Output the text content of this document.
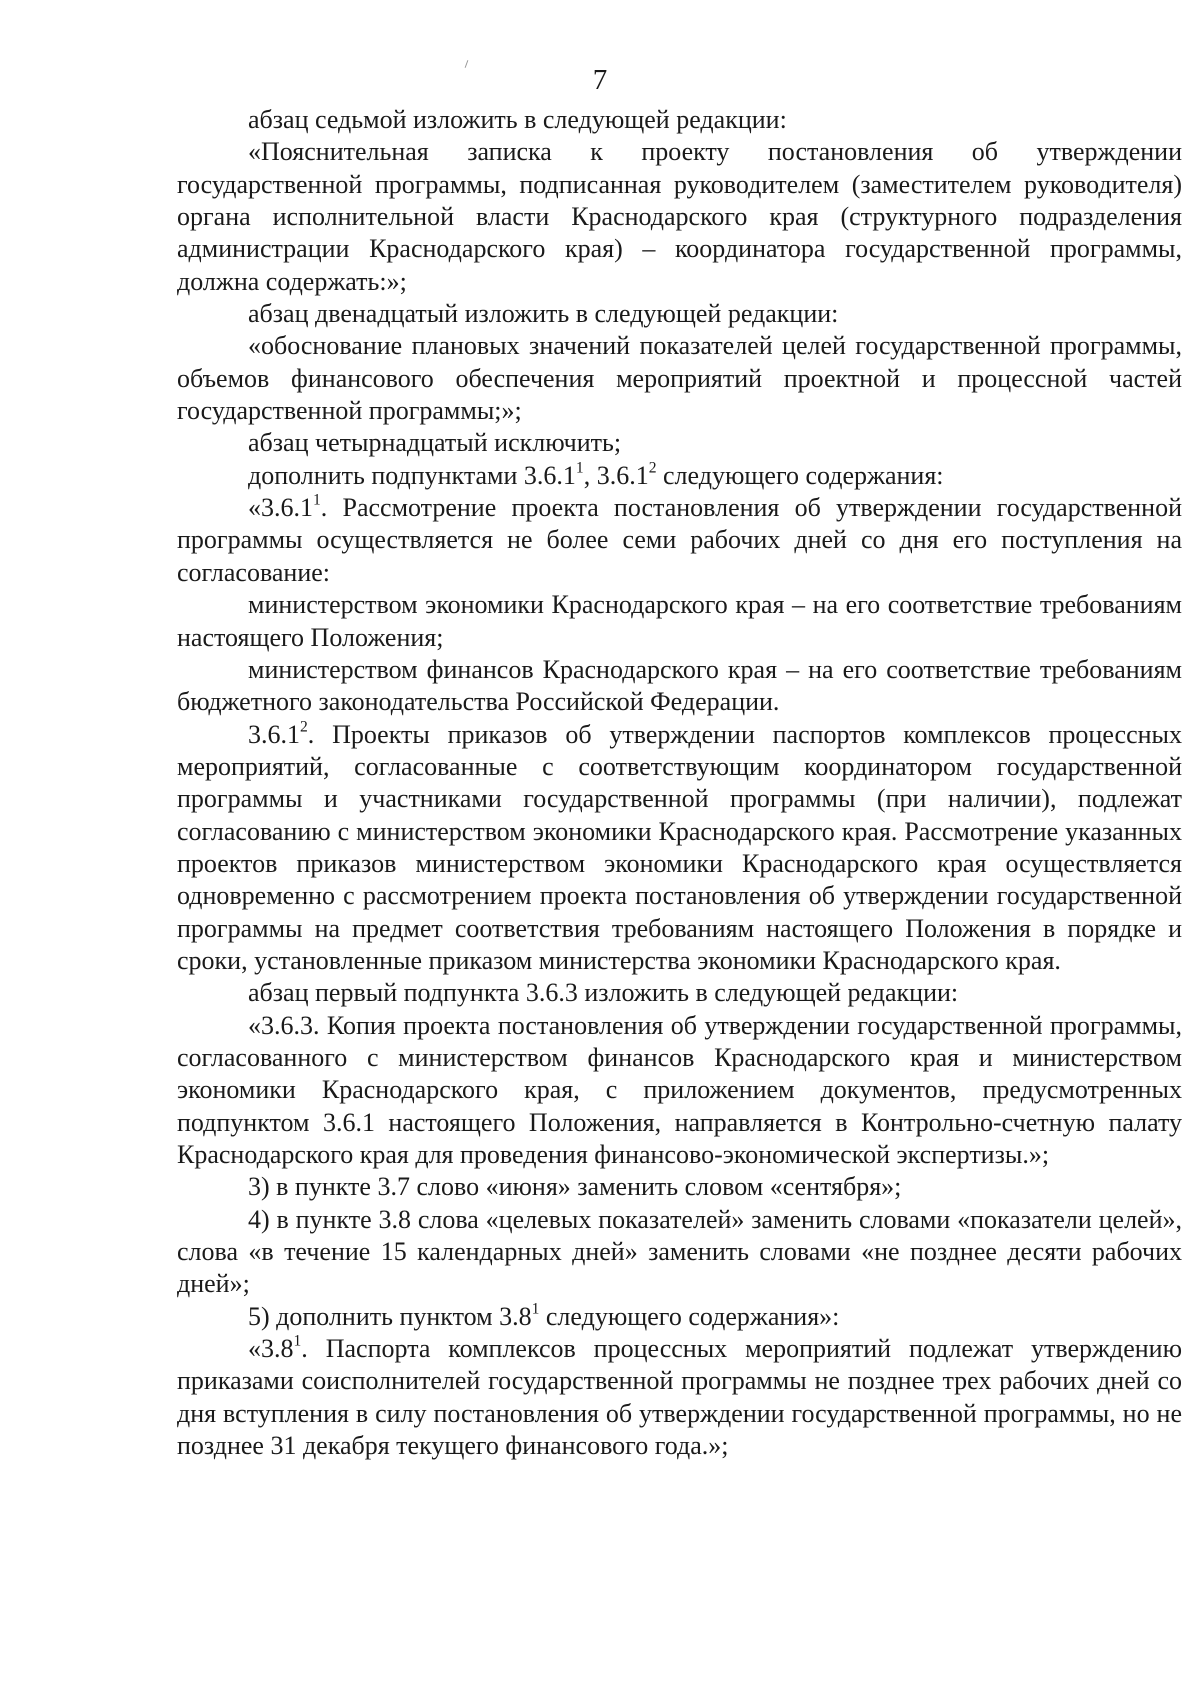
7

абзац седьмой изложить в следующей редакции:

«Пояснительная записка к проекту постановления об утверждении государственной программы, подписанная руководителем (заместителем руководителя) органа исполнительной власти Краснодарского края (структурного подразделения администрации Краснодарского края) – координатора государственной программы, должна содержать:»;

абзац двенадцатый изложить в следующей редакции:

«обоснование плановых значений показателей целей государственной программы, объемов финансового обеспечения мероприятий проектной и процессной частей государственной программы;»;

абзац четырнадцатый исключить;

дополнить подпунктами 3.6.1$^1$, 3.6.1$^2$ следующего содержания:

«3.6.1$^1$. Рассмотрение проекта постановления об утверждении государственной программы осуществляется не более семи рабочих дней со дня его поступления на согласование:

министерством экономики Краснодарского края – на его соответствие требованиям настоящего Положения;

министерством финансов Краснодарского края – на его соответствие требованиям бюджетного законодательства Российской Федерации.

3.6.1$^2$. Проекты приказов об утверждении паспортов комплексов процессных мероприятий, согласованные с соответствующим координатором государственной программы и участниками государственной программы (при наличии), подлежат согласованию с министерством экономики Краснодарского края. Рассмотрение указанных проектов приказов министерством экономики Краснодарского края осуществляется одновременно с рассмотрением проекта постановления об утверждении государственной программы на предмет соответствия требованиям настоящего Положения в порядке и сроки, установленные приказом министерства экономики Краснодарского края.

абзац первый подпункта 3.6.3 изложить в следующей редакции:

«3.6.3. Копия проекта постановления об утверждении государственной программы, согласованного с министерством финансов Краснодарского края и министерством экономики Краснодарского края, с приложением документов, предусмотренных подпунктом 3.6.1 настоящего Положения, направляется в Контрольно-счетную палату Краснодарского края для проведения финансово-экономической экспертизы.»;

3) в пункте 3.7 слово «июня» заменить словом «сентября»;

4) в пункте 3.8 слова «целевых показателей» заменить словами «показатели целей», слова «в течение 15 календарных дней» заменить словами «не позднее десяти рабочих дней»;

5) дополнить пунктом $3.8^1$ следующего содержания»:

«$3.8^1$. Паспорта комплексов процессных мероприятий подлежат утверждению приказами соисполнителей государственной программы не позднее трех рабочих дней со дня вступления в силу постановления об утверждении государственной программы, но не позднее 31 декабря текущего финансового года.»;
